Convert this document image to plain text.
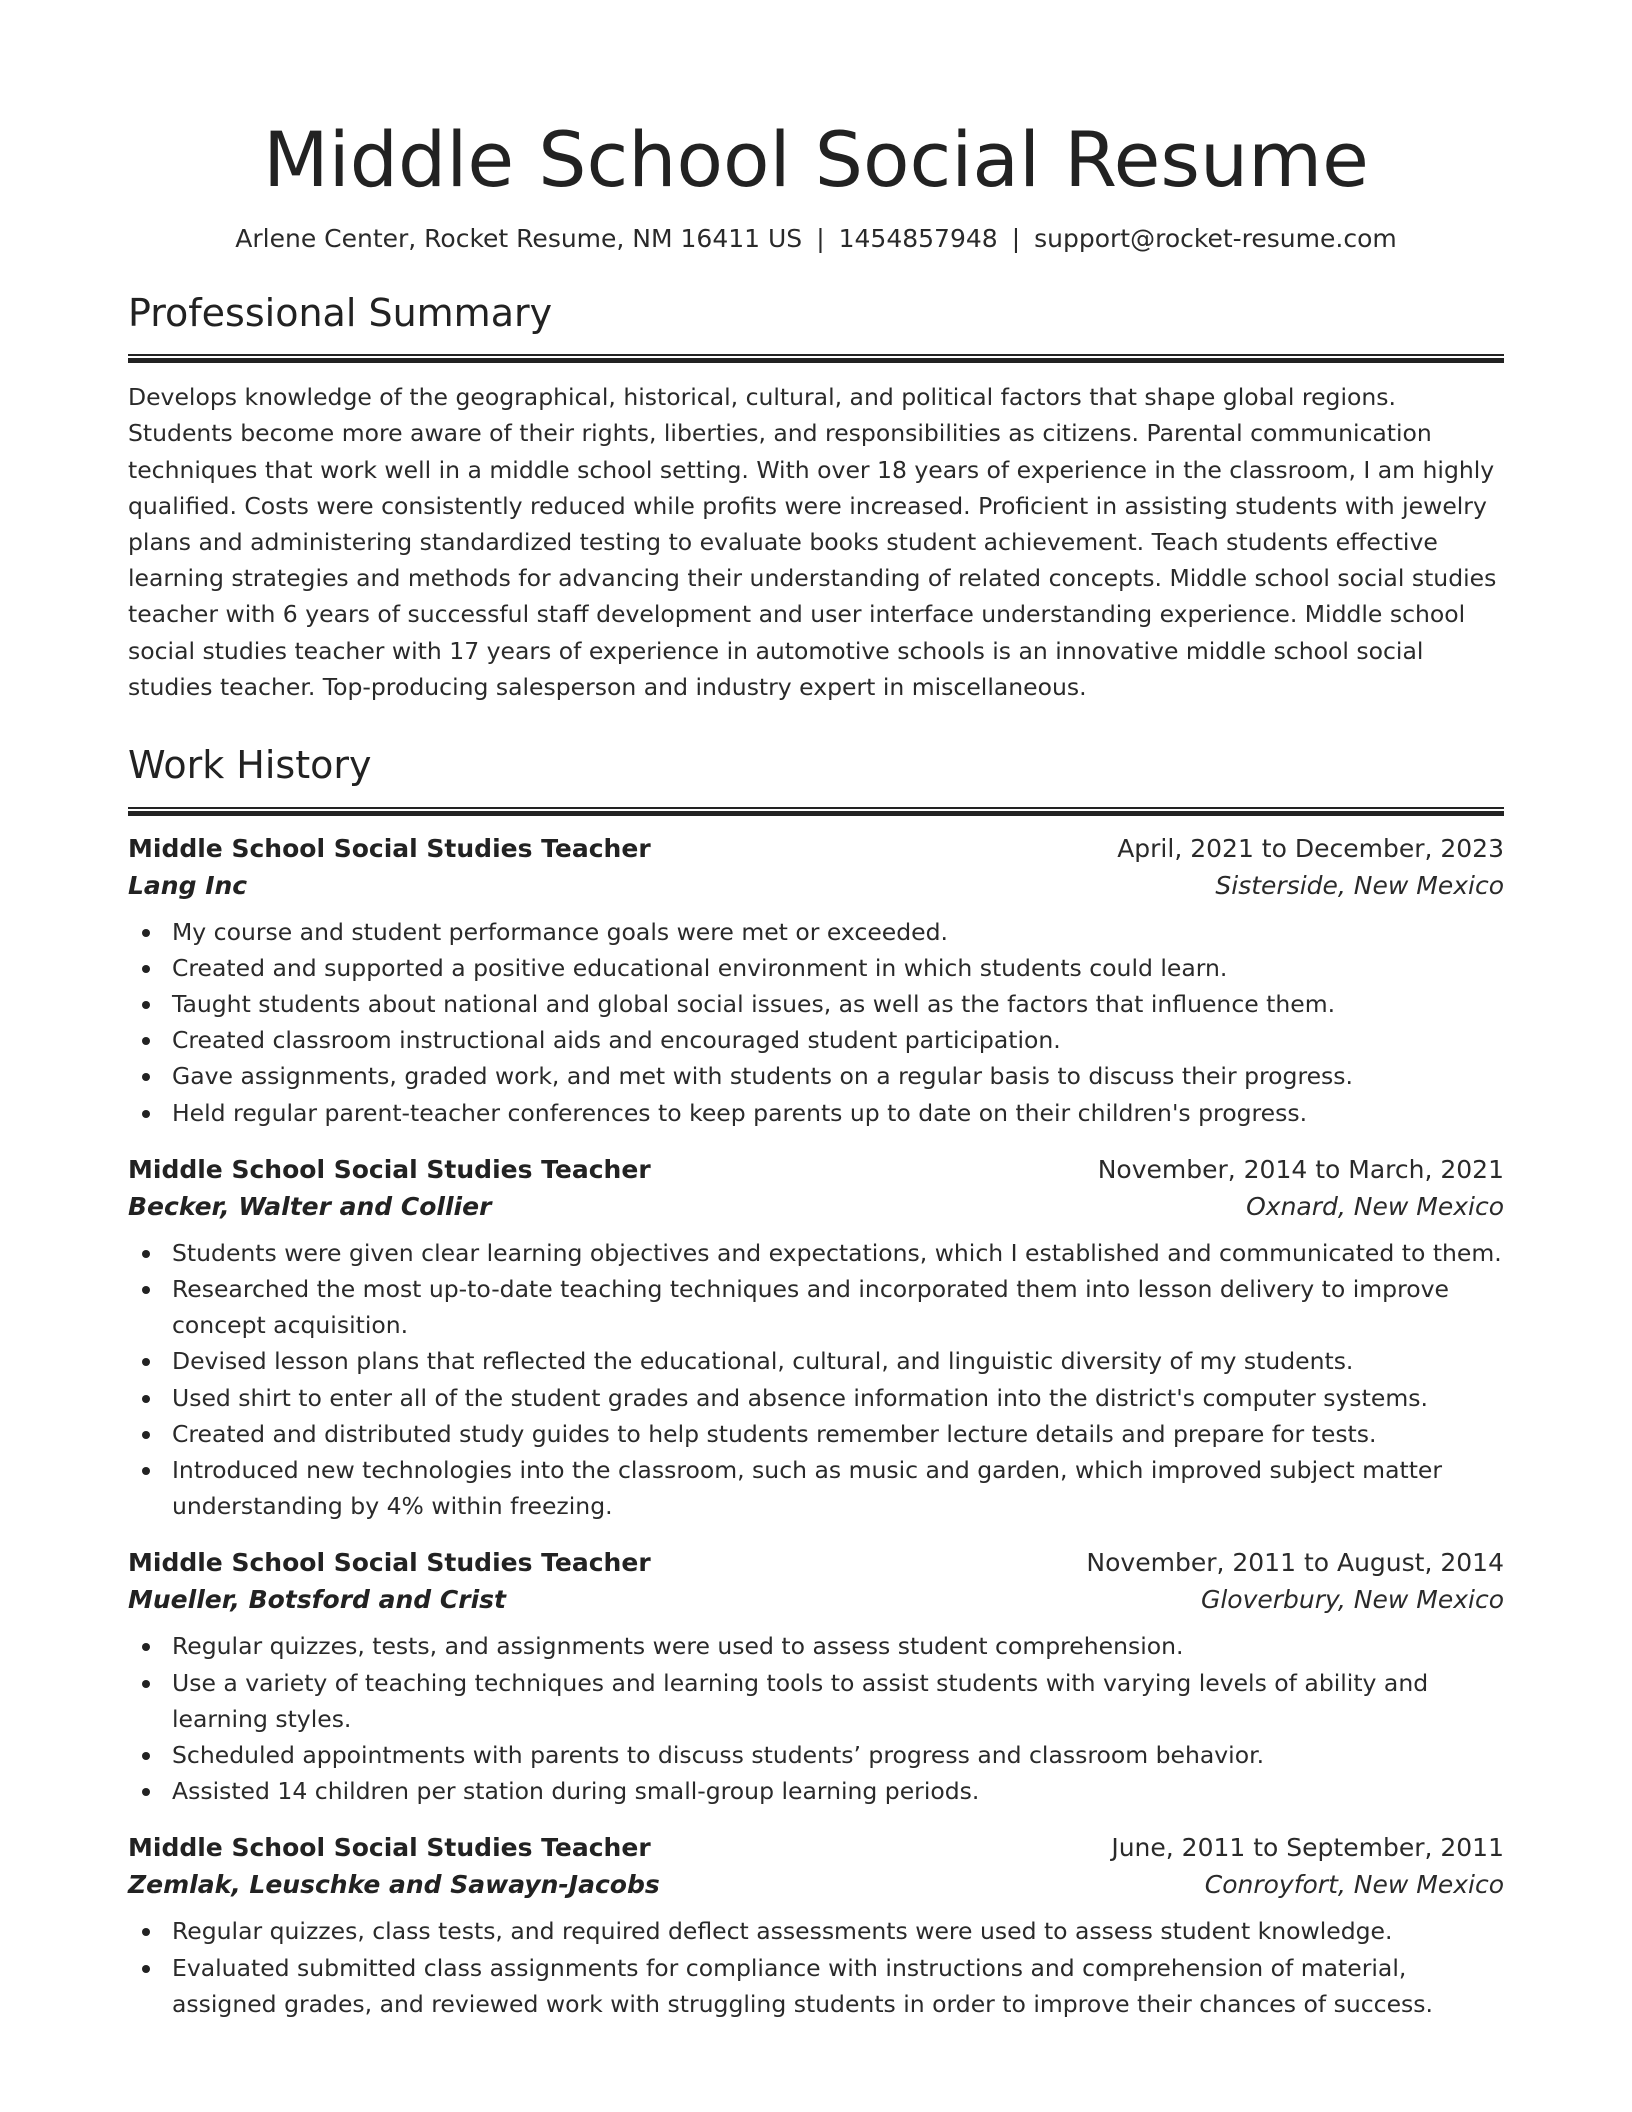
Middle School Social Resume
Arlene Center, Rocket Resume, NM 16411 US | 1454857948 | support@rocket-resume.com
Professional Summary

Develops knowledge of the geographical, historical, cultural, and political factors that shape global regions. Students become more aware of their rights, liberties, and responsibilities as citizens. Parental communication techniques that work well in a middle school setting. With over 18 years of experience in the classroom, I am highly qualified. Costs were consistently reduced while profits were increased. Proficient in assisting students with jewelry plans and administering standardized testing to evaluate books student achievement. Teach students effective learning strategies and methods for advancing their understanding of related concepts. Middle school social studies teacher with 6 years of successful staff development and user interface understanding experience. Middle school social studies teacher with 17 years of experience in automotive schools is an innovative middle school social studies teacher. Top-producing salesperson and industry expert in miscellaneous.

Work History
Middle School Social Studies Teacher	April, 2021 to December, 2023
Lang Inc	Sisterside, New Mexico
My course and student performance goals were met or exceeded.
Created and supported a positive educational environment in which students could learn.
Taught students about national and global social issues, as well as the factors that influence them.
Created classroom instructional aids and encouraged student participation.
Gave assignments, graded work, and met with students on a regular basis to discuss their progress.
Held regular parent-teacher conferences to keep parents up to date on their children's progress.
Middle School Social Studies Teacher	November, 2014 to March, 2021
Becker, Walter and Collier	Oxnard, New Mexico
Students were given clear learning objectives and expectations, which I established and communicated to them.
Researched the most up-to-date teaching techniques and incorporated them into lesson delivery to improve concept acquisition.
Devised lesson plans that reflected the educational, cultural, and linguistic diversity of my students.
Used shirt to enter all of the student grades and absence information into the district's computer systems.
Created and distributed study guides to help students remember lecture details and prepare for tests.
Introduced new technologies into the classroom, such as music and garden, which improved subject matter understanding by 4% within freezing.
Middle School Social Studies Teacher	November, 2011 to August, 2014
Mueller, Botsford and Crist	Gloverbury, New Mexico
Regular quizzes, tests, and assignments were used to assess student comprehension.
Use a variety of teaching techniques and learning tools to assist students with varying levels of ability and learning styles.
Scheduled appointments with parents to discuss students’ progress and classroom behavior.
Assisted 14 children per station during small-group learning periods.
Middle School Social Studies Teacher	June, 2011 to September, 2011
Zemlak, Leuschke and Sawayn-Jacobs	Conroyfort, New Mexico
Regular quizzes, class tests, and required deflect assessments were used to assess student knowledge.
Evaluated submitted class assignments for compliance with instructions and comprehension of material, assigned grades, and reviewed work with struggling students in order to improve their chances of success.
